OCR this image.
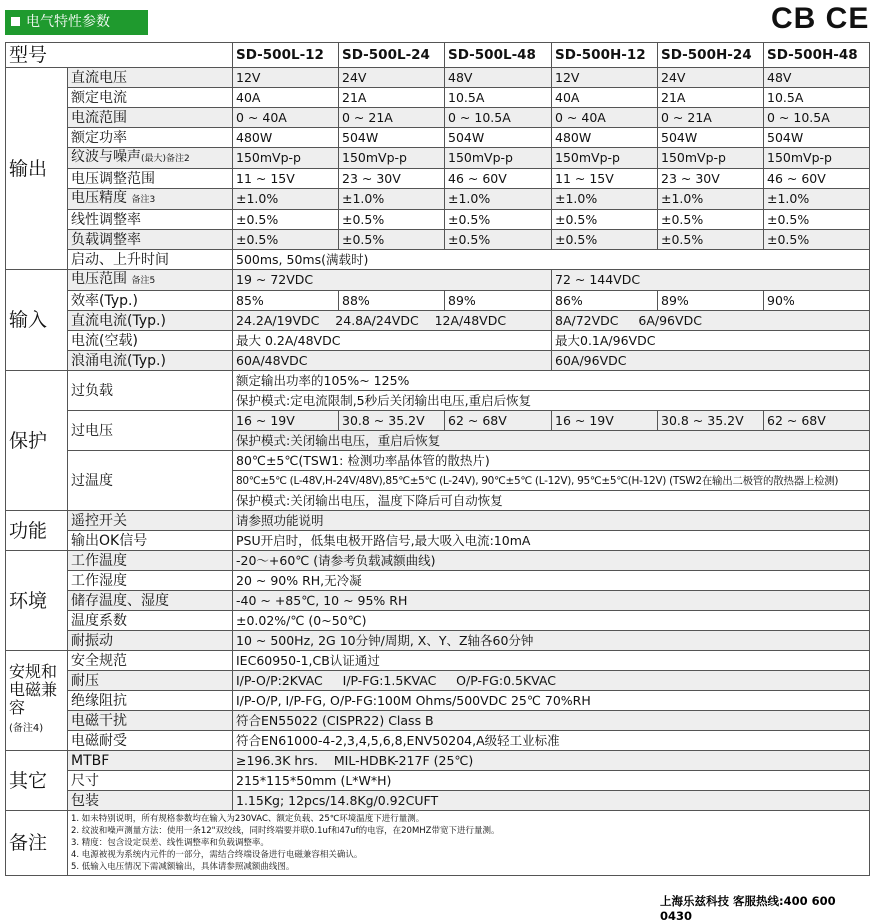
电气特性参数	CB CE
型号		SD-500L-12	SD-500L-24	SD-500L-48	SD-500H-12	SD-500H-24	SD-500H-48
输出	直流电压	12V	24V	48V	12V	24V	48V
	额定电流	40A	21A	10.5A	40A	21A	10.5A
	电流范围	0 ~ 40A	0 ~ 21A	0 ~ 10.5A	0 ~ 40A	0 ~ 21A	0 ~ 10.5A
	额定功率	480W	504W	504W	480W	504W	504W
	纹波与噪声(最大)备注2	150mVp-p	150mVp-p	150mVp-p	150mVp-p	150mVp-p	150mVp-p
	电压调整范围	11 ~ 15V	23 ~ 30V	46 ~ 60V	11 ~ 15V	23 ~ 30V	46 ~ 60V
	电压精度 备注3	±1.0%	±1.0%	±1.0%	±1.0%	±1.0%	±1.0%
	线性调整率	±0.5%	±0.5%	±0.5%	±0.5%	±0.5%	±0.5%
	负载调整率	±0.5%	±0.5%	±0.5%	±0.5%	±0.5%	±0.5%
	启动、上升时间	500ms, 50ms(满载时)					
输入	电压范围 备注5	19 ~ 72VDC			72 ~ 144VDC		
	效率(Typ.)	85%	88%	89%	86%	89%	90%
	直流电流(Typ.)	24.2A/19VDC    24.8A/24VDC    12A/48VDC			8A/72VDC     6A/96VDC		
	电流(空载)	最大 0.2A/48VDC			最大0.1A/96VDC		
	浪涌电流(Typ.)	60A/48VDC			60A/96VDC		
保护	过负载	额定输出功率的105%~ 125%					
		保护模式:定电流限制,5秒后关闭输出电压,重启后恢复					
	过电压	16 ~ 19V	30.8 ~ 35.2V	62 ~ 68V	16 ~ 19V	30.8 ~ 35.2V	62 ~ 68V
		保护模式:关闭输出电压，重启后恢复					
	过温度	80℃±5℃(TSW1: 检测功率晶体管的散热片)					
		80℃±5℃ (L-48V,H-24V/48V),85℃±5℃ (L-24V), 90℃±5℃ (L-12V), 95℃±5℃(H-12V) (TSW2在输出二极管的散热器上检测)					
		保护模式:关闭输出电压，温度下降后可自动恢复					
功能	遥控开关	请参照功能说明					
	输出OK信号	PSU开启时，低集电极开路信号,最大吸入电流:10mA					
环境	工作温度	-20～+60℃ (请参考负载减额曲线)					
	工作湿度	20 ~ 90% RH,无冷凝					
	储存温度、湿度	-40 ~ +85℃, 10 ~ 95% RH					
	温度系数	±0.02%/℃ (0~50℃)					
	耐振动	10 ~ 500Hz, 2G 10分钟/周期, X、Y、Z轴各60分钟					
安规和电磁兼容
(备注4)	安全规范	IEC60950-1,CB认证通过					
	耐压	I/P-O/P:2KVAC     I/P-FG:1.5KVAC     O/P-FG:0.5KVAC					
	绝缘阻抗	I/P-O/P, I/P-FG, O/P-FG:100M Ohms/500VDC 25℃ 70%RH					
	电磁干扰	符合EN55022 (CISPR22) Class B					
	电磁耐受	符合EN61000-4-2,3,4,5,6,8,ENV50204,A级轻工业标准					
其它	MTBF	≥196.3K hrs.    MIL-HDBK-217F (25℃)					
	尺寸	215*115*50mm (L*W*H)					
	包装	1.15Kg; 12pcs/14.8Kg/0.92CUFT					
备注	1. 如未特别说明，所有规格参数均在输入为230VAC、额定负载、25℃环境温度下进行量测。
2. 纹波和噪声测量方法：使用一条12"双绞线，同时终端要并联0.1uf和47uf的电容，在20MHZ带宽下进行量测。
3. 精度：包含设定误差、线性调整率和负载调整率。
4. 电源被视为系统内元件的一部分，需结合终端设备进行电磁兼容相关确认。
5. 低输入电压情况下需减额输出，具体请参照减额曲线图。						
上海乐兹科技 客服热线:400 600 0430
